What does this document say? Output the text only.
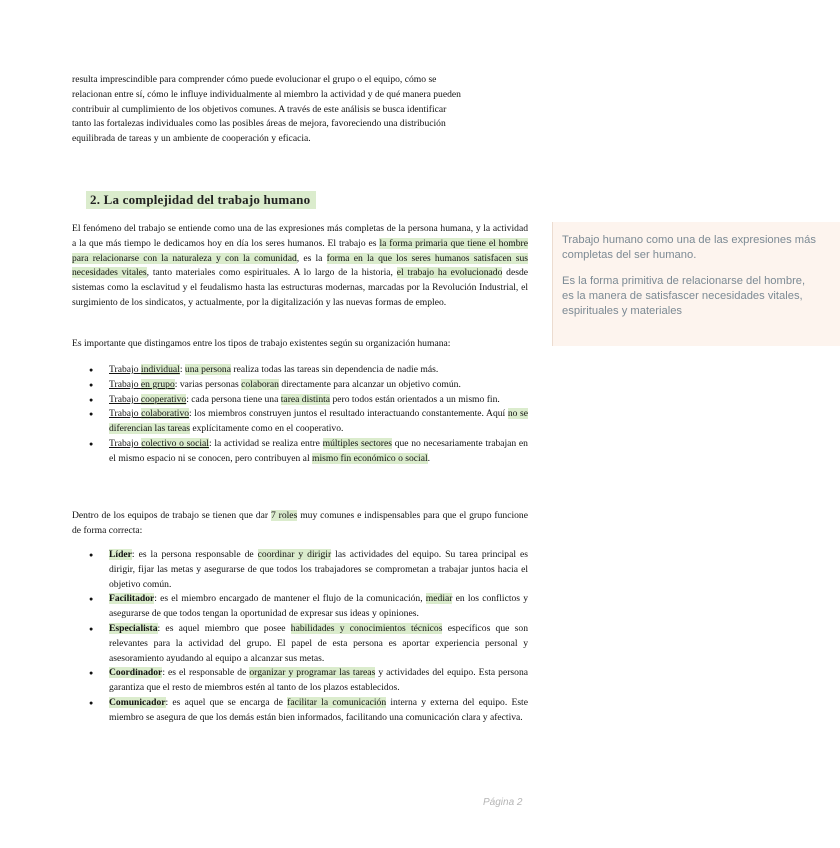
resulta imprescindible para comprender cómo puede evolucionar el grupo o el equipo, cómo se
relacionan entre sí, cómo le influye individualmente al miembro la actividad y de qué manera pueden
contribuir al cumplimiento de los objetivos comunes. A través de este análisis se busca identificar
tanto las fortalezas individuales como las posibles áreas de mejora, favoreciendo una distribución
equilibrada de tareas y un ambiente de cooperación y eficacia.
2. La complejidad del trabajo humano

El fenómeno del trabajo se entiende como una de las expresiones más completas de la persona humana, y la actividad a la que más tiempo le dedicamos hoy en día los seres humanos. El trabajo es la forma primaria que tiene el hombre para relacionarse con la naturaleza y con la comunidad, es la forma en la que los seres humanos satisfacen sus necesidades vitales, tanto materiales como espirituales. A lo largo de la historia, el trabajo ha evolucionado desde sistemas como la esclavitud y el feudalismo hasta las estructuras modernas, marcadas por la Revolución Industrial, el surgimiento de los sindicatos, y actualmente, por la digitalización y las nuevas formas de empleo.

Es importante que distingamos entre los tipos de trabajo existentes según su organización humana:

● Trabajo individual: una persona realiza todas las tareas sin dependencia de nadie más.
● Trabajo en grupo: varias personas colaboran directamente para alcanzar un objetivo común.
● Trabajo cooperativo: cada persona tiene una tarea distinta pero todos están orientados a un mismo fin.
● Trabajo colaborativo: los miembros construyen juntos el resultado interactuando constantemente. Aquí no se diferencian las tareas explícitamente como en el cooperativo.
● Trabajo colectivo o social: la actividad se realiza entre múltiples sectores que no necesariamente trabajan en el mismo espacio ni se conocen, pero contribuyen al mismo fin económico o social.

Dentro de los equipos de trabajo se tienen que dar 7 roles muy comunes e indispensables para que el grupo funcione de forma correcta:

● Líder: es la persona responsable de coordinar y dirigir las actividades del equipo. Su tarea principal es dirigir, fijar las metas y asegurarse de que todos los trabajadores se comprometan a trabajar juntos hacia el objetivo común.
● Facilitador: es el miembro encargado de mantener el flujo de la comunicación, mediar en los conflictos y asegurarse de que todos tengan la oportunidad de expresar sus ideas y opiniones.
● Especialista: es aquel miembro que posee habilidades y conocimientos técnicos específicos que son relevantes para la actividad del grupo. El papel de esta persona es aportar experiencia personal y asesoramiento ayudando al equipo a alcanzar sus metas.
● Coordinador: es el responsable de organizar y programar las tareas y actividades del equipo. Esta persona garantiza que el resto de miembros estén al tanto de los plazos establecidos.
● Comunicador: es aquel que se encarga de facilitar la comunicación interna y externa del equipo. Este miembro se asegura de que los demás están bien informados, facilitando una comunicación clara y afectiva.

Trabajo humano como una de las expresiones más
completas del ser humano.

Es la forma primitiva de relacionarse del hombre,
es la manera de satisfascer necesidades vitales,
espirituales y materiales

Página 2
